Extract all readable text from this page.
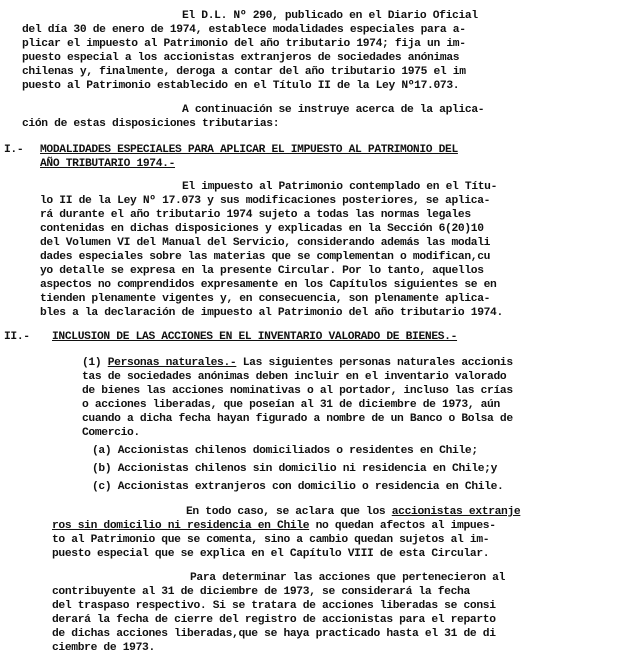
El D.L. Nº 290, publicado en el Diario Oficial
del día 30 de enero de 1974, establece modalidades especiales para a-
plicar el impuesto al Patrimonio del año tributario 1974; fija un im-
puesto especial a los accionistas extranjeros de sociedades anónimas
chilenas y, finalmente, deroga a contar del año tributario 1975 el im
puesto al Patrimonio establecido en el Título II de la Ley Nº17.073.
A continuación se instruye acerca de la aplica-
ción de estas disposiciones tributarias:
I.- MODALIDADES ESPECIALES PARA APLICAR EL IMPUESTO AL PATRIMONIO DEL
AÑO TRIBUTARIO 1974.-
El impuesto al Patrimonio contemplado en el Títu-
lo II de la Ley Nº 17.073 y sus modificaciones posteriores, se aplica-
rá durante el año tributario 1974 sujeto a todas las normas legales
contenidas en dichas disposiciones y explicadas en la Sección 6(20)10
del Volumen VI del Manual del Servicio, considerando además las modali
dades especiales sobre las materias que se complementan o modifican,cu
yo detalle se expresa en la presente Circular. Por lo tanto, aquellos
aspectos no comprendidos expresamente en los Capítulos siguientes se en
tienden plenamente vigentes y, en consecuencia, son plenamente aplica-
bles a la declaración de impuesto al Patrimonio del año tributario 1974.
II.- INCLUSION DE LAS ACCIONES EN EL INVENTARIO VALORADO DE BIENES.-
(1) Personas naturales.- Las siguientes personas naturales accionis
tas de sociedades anónimas deben incluir en el inventario valorado
de bienes las acciones nominativas o al portador, incluso las crías
o acciones liberadas, que poseían al 31 de diciembre de 1973, aún
cuando a dicha fecha hayan figurado a nombre de un Banco o Bolsa de
Comercio.
(a) Accionistas chilenos domiciliados o residentes en Chile;
(b) Accionistas chilenos sin domicilio ni residencia en Chile;y
(c) Accionistas extranjeros con domicilio o residencia en Chile.
En todo caso, se aclara que los accionistas extranje
ros sin domicilio ni residencia en Chile no quedan afectos al impues-
to al Patrimonio que se comenta, sino a cambio quedan sujetos al im-
puesto especial que se explica en el Capítulo VIII de esta Circular.
Para determinar las acciones que pertenecieron al
contribuyente al 31 de diciembre de 1973, se considerará la fecha
del traspaso respectivo. Si se tratara de acciones liberadas se consi
derará la fecha de cierre del registro de accionistas para el reparto
de dichas acciones liberadas,que se haya practicado hasta el 31 de di
ciembre de 1973.
